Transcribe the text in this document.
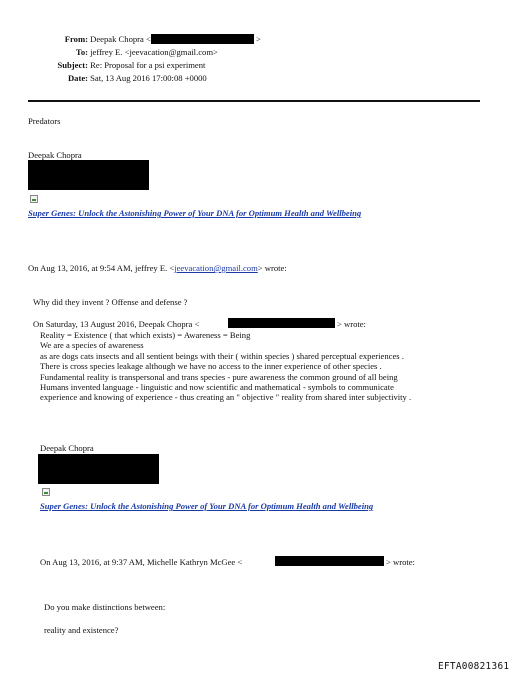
From: Deepak Chopra <	>
To: jeffrey E. <jeevacation@gmail.com>
Subject: Re: Proposal for a psi experiment
Date: Sat, 13 Aug 2016 17:00:08 +0000
Predators
Deepak Chopra
Super Genes: Unlock the Astonishing Power of Your DNA for Optimum Health and Wellbeing
On Aug 13, 2016, at 9:54 AM, jeffrey E. <jeevacation@gmail.com> wrote:
Why did they invent ? Offense and defense ?
On Saturday, 13 August 2016, Deepak Chopra <	> wrote:
Reality = Existence ( that which exists) = Awareness = Being
We are a species of awareness
as are dogs cats insects and all sentient beings with their ( within species ) shared perceptual experiences .
There is cross species leakage although we have no access to the inner experience of other species .
Fundamental reality is transpersonal and trans species - pure awareness the common ground of all being
Humans invented language - linguistic and now scientific and mathematical - symbols to communicate
experience and knowing of experience - thus creating an " objective " reality from shared inter subjectivity .
Deepak Chopra
Super Genes: Unlock the Astonishing Power of Your DNA for Optimum Health and Wellbeing
On Aug 13, 2016, at 9:37 AM, Michelle Kathryn McGee <	> wrote:
Do you make distinctions between:
reality and existence?
EFTA00821361
